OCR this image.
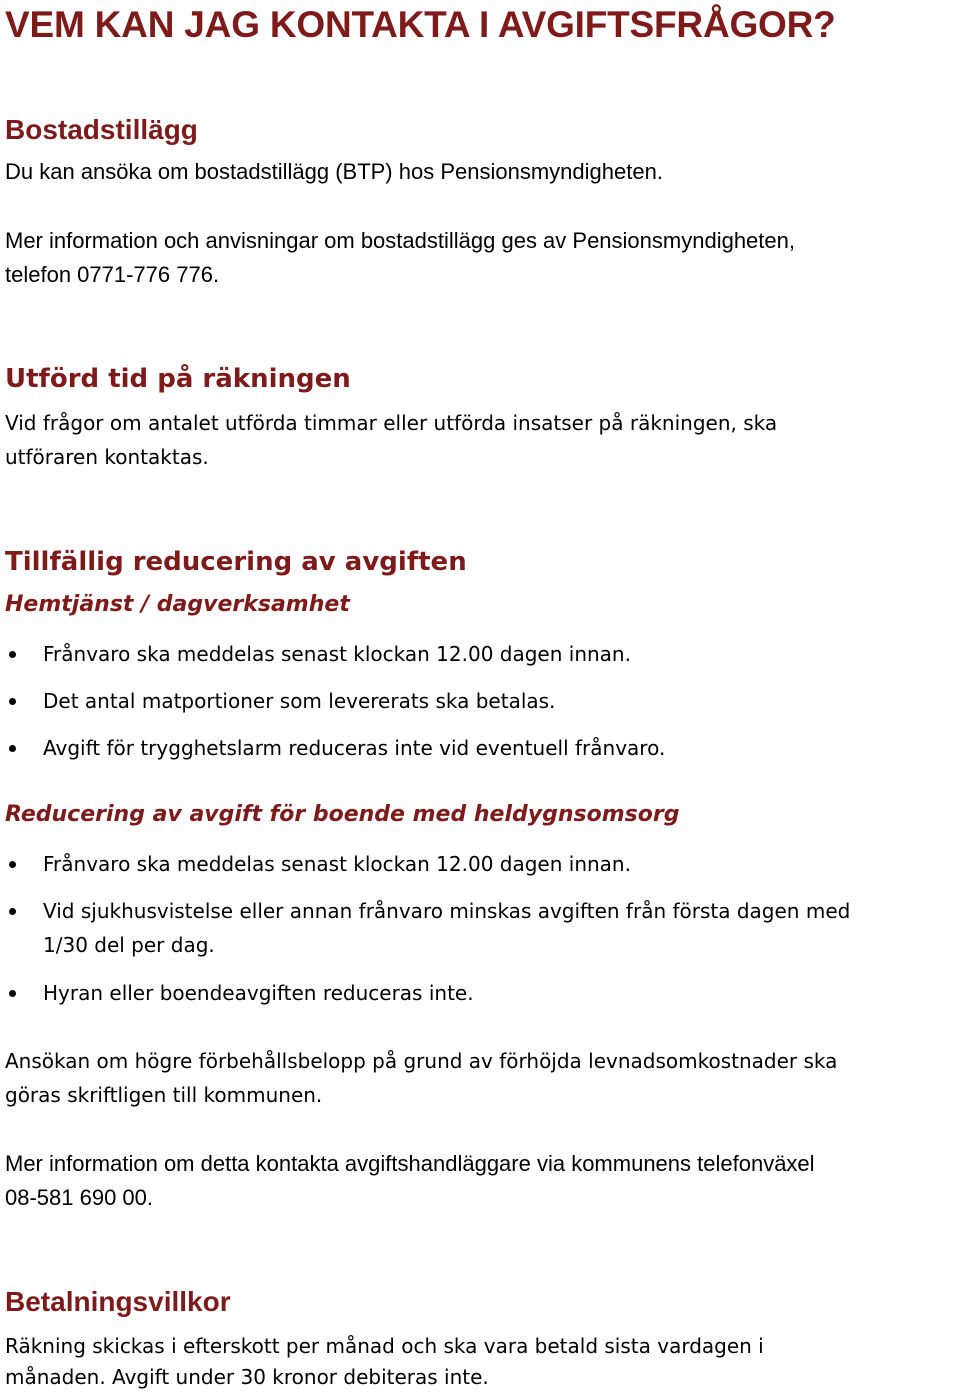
VEM KAN JAG KONTAKTA I AVGIFTSFRÅGOR?
Bostadstillägg

Du kan ansöka om bostadstillägg (BTP) hos Pensionsmyndigheten.

Mer information och anvisningar om bostadstillägg ges av Pensionsmyndigheten,

telefon 0771-776 776.

Utförd tid på räkningen

Vid frågor om antalet utförda timmar eller utförda insatser på räkningen, ska

utföraren kontaktas.

Tillfällig reducering av avgiften
Hemtjänst / dagverksamhet

Frånvaro ska meddelas senast klockan 12.00 dagen innan.

Det antal matportioner som levererats ska betalas.

Avgift för trygghetslarm reduceras inte vid eventuell frånvaro.

Reducering av avgift för boende med heldygnsomsorg

Frånvaro ska meddelas senast klockan 12.00 dagen innan.

Vid sjukhusvistelse eller annan frånvaro minskas avgiften från första dagen med

1/30 del per dag.

Hyran eller boendeavgiften reduceras inte.

Ansökan om högre förbehållsbelopp på grund av förhöjda levnadsomkostnader ska

göras skriftligen till kommunen.

Mer information om detta kontakta avgiftshandläggare via kommunens telefonväxel

08-581 690 00.

Betalningsvillkor

Räkning skickas i efterskott per månad och ska vara betald sista vardagen i

månaden. Avgift under 30 kronor debiteras inte.
